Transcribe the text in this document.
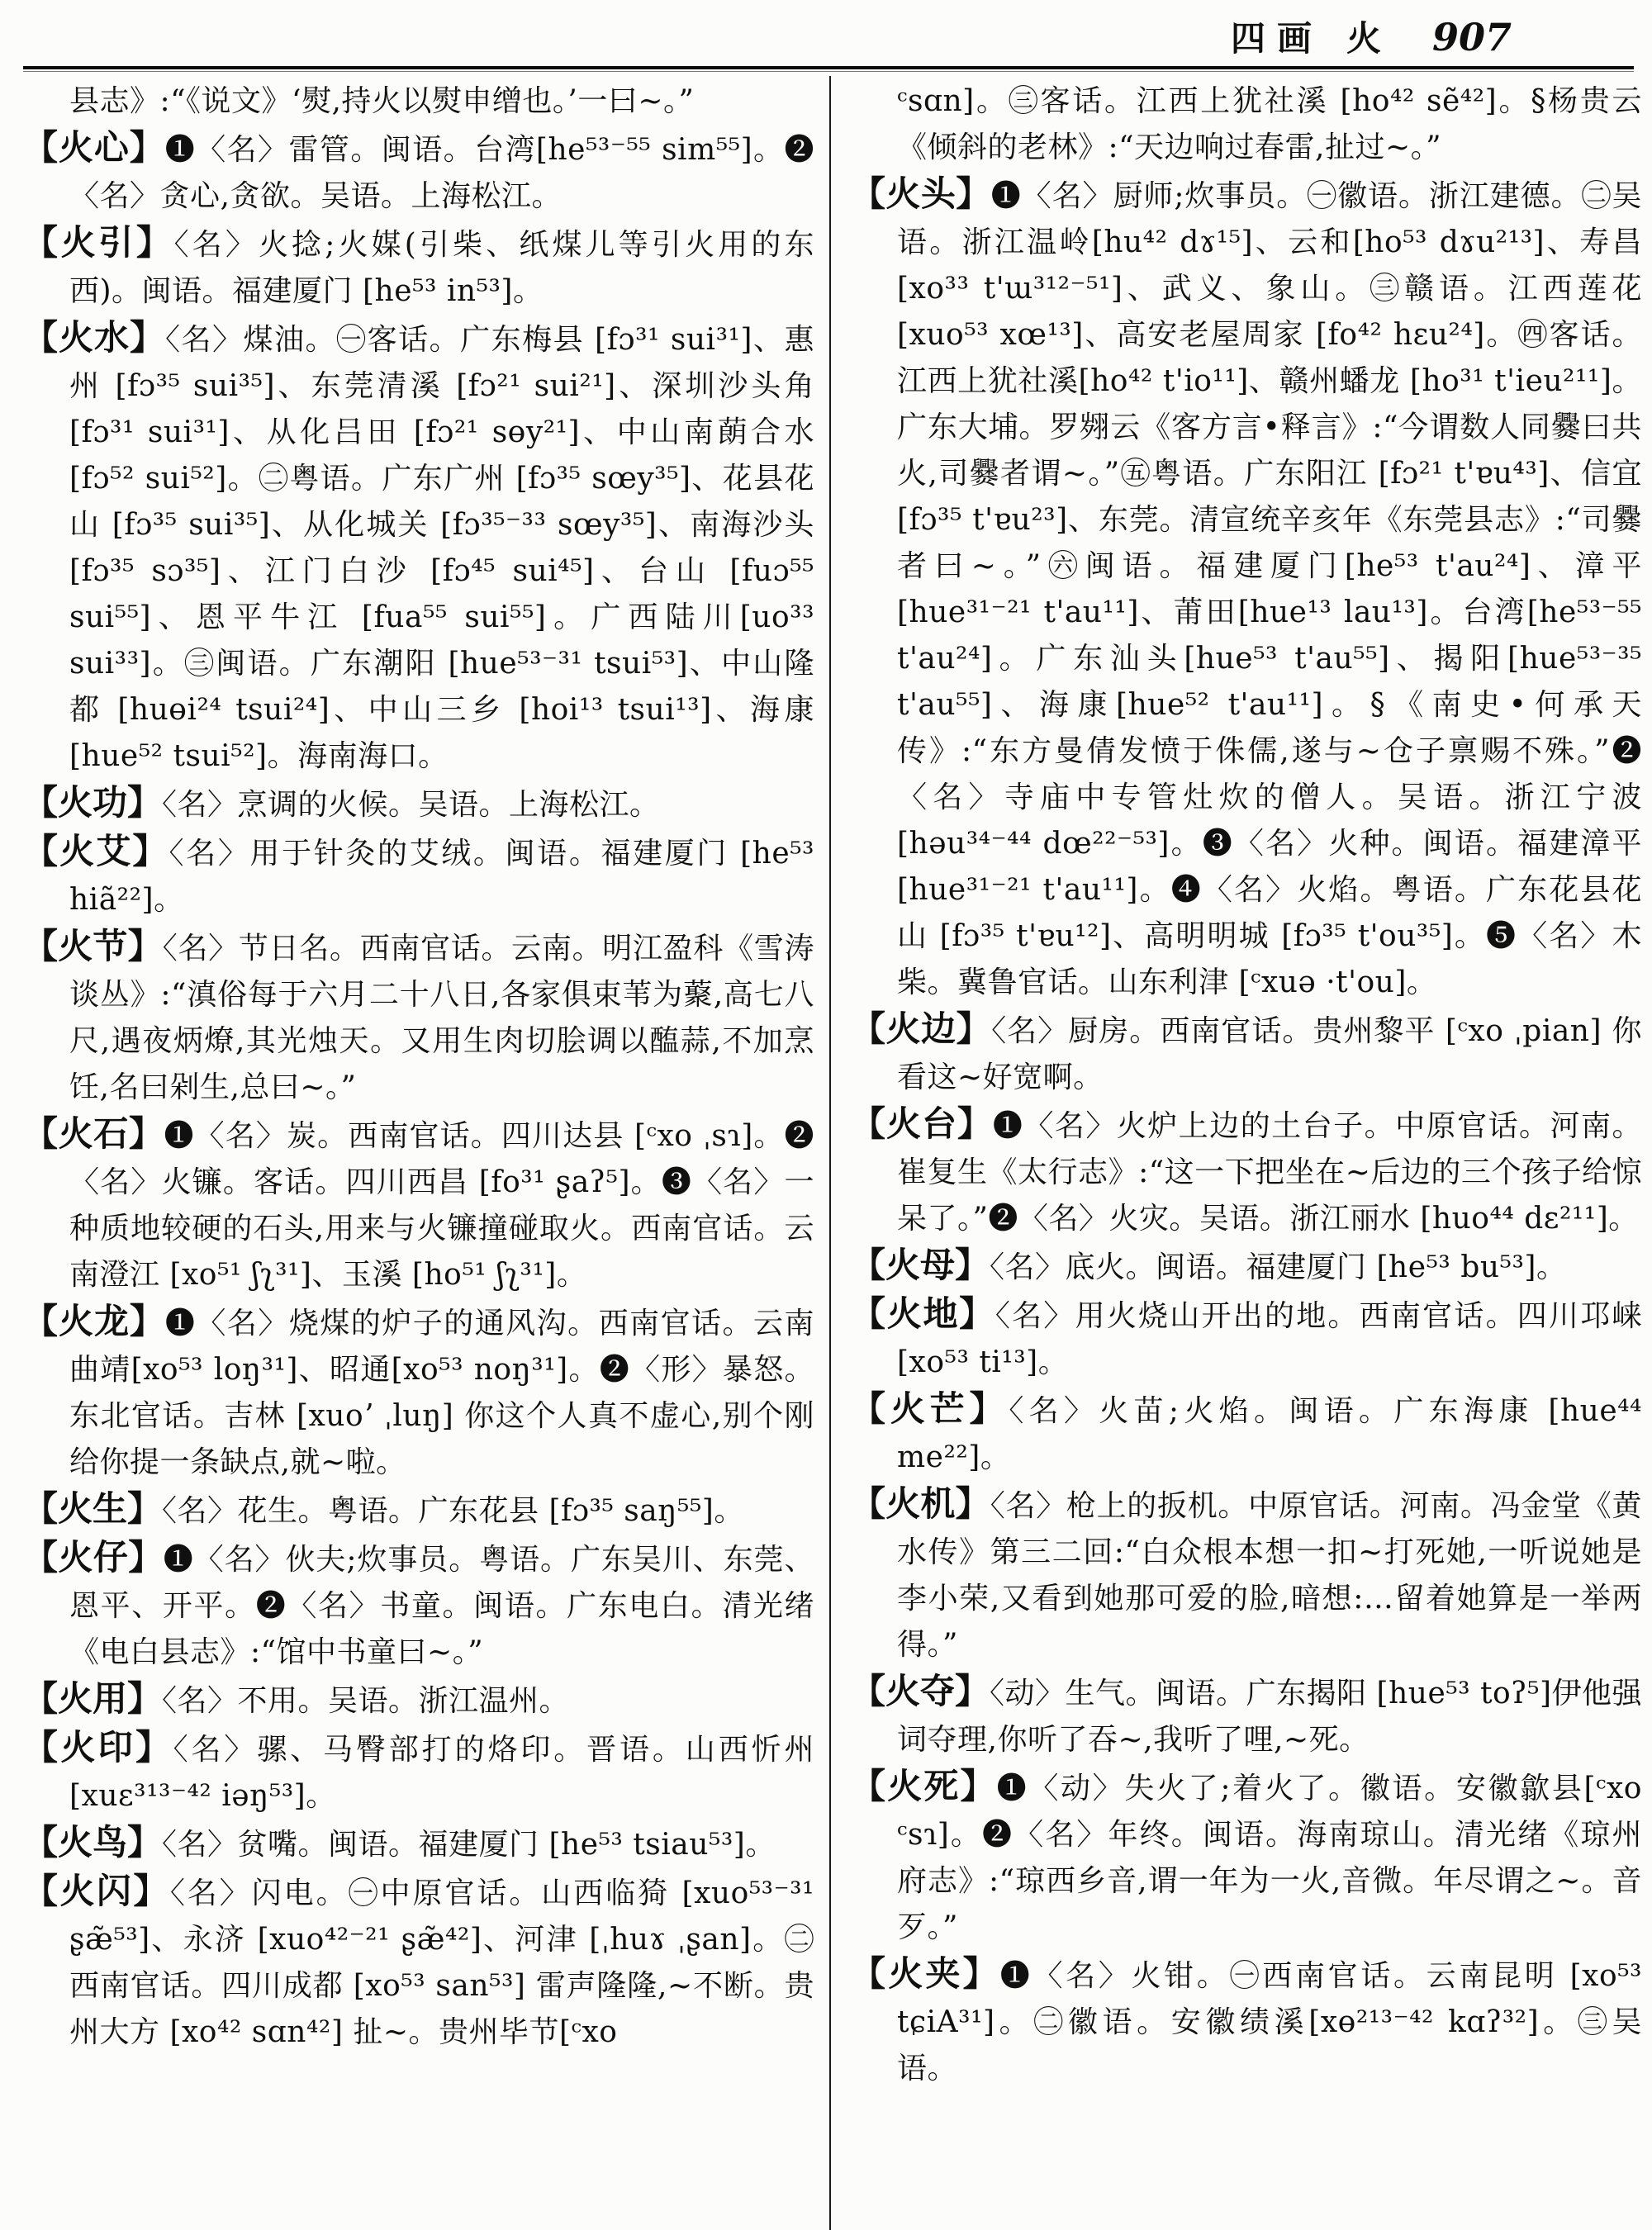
四画 火 907

县志》:“《说文》‘熨,持火以熨申缯也。’一曰~。”

【火心】❶〈名〉雷管。闽语。台湾[he⁵³⁻⁵⁵ sim⁵⁵]。❷〈名〉贪心,贪欲。吴语。上海松江。

【火引】〈名〉火捻;火媒(引柴、纸煤儿等引火用的东西)。闽语。福建厦门 [he⁵³ in⁵³]。

【火水】〈名〉煤油。㊀客话。广东梅县 [fɔ³¹ sui³¹]、惠州 [fɔ³⁵ sui³⁵]、东莞清溪 [fɔ²¹ sui²¹]、深圳沙头角 [fɔ³¹ sui³¹]、从化吕田 [fɔ²¹ sɵy²¹]、中山南蓢合水 [fɔ⁵² sui⁵²]。㊁粤语。广东广州 [fɔ³⁵ sœy³⁵]、花县花山 [fɔ³⁵ sui³⁵]、从化城关 [fɔ³⁵⁻³³ sœy³⁵]、南海沙头 [fɔ³⁵ sɔ³⁵]、江门白沙 [fɔ⁴⁵ sui⁴⁵]、台山 [fuɔ⁵⁵ sui⁵⁵]、恩平牛江 [fua⁵⁵ sui⁵⁵]。广西陆川[uo³³ sui³³]。㊂闽语。广东潮阳 [hue⁵³⁻³¹ tsui⁵³]、中山隆都 [huɵi²⁴ tsui²⁴]、中山三乡 [hoi¹³ tsui¹³]、海康 [hue⁵² tsui⁵²]。海南海口。

【火功】〈名〉烹调的火候。吴语。上海松江。

【火艾】〈名〉用于针灸的艾绒。闽语。福建厦门 [he⁵³ hiã²²]。

【火节】〈名〉节日名。西南官话。云南。明江盈科《雪涛谈丛》:“滇俗每于六月二十八日,各家俱束苇为藂,高七八尺,遇夜炳燎,其光烛天。又用生肉切脍调以醢蒜,不加烹饪,名曰剁生,总曰~。”

【火石】❶〈名〉炭。西南官话。四川达县 [ᶜxo ˌsɿ]。❷〈名〉火镰。客话。四川西昌 [fo³¹ ʂaʔ⁵]。❸〈名〉一种质地较硬的石头,用来与火镰撞碰取火。西南官话。云南澄江 [xo⁵¹ ʃʅ³¹]、玉溪 [ho⁵¹ ʃʅ³¹]。

【火龙】❶〈名〉烧煤的炉子的通风沟。西南官话。云南曲靖[xo⁵³ loŋ³¹]、昭通[xo⁵³ noŋ³¹]。❷〈形〉暴怒。东北官话。吉林 [xuoʼ ˌluŋ] 你这个人真不虚心,别个刚给你提一条缺点,就~啦。

【火生】〈名〉花生。粤语。广东花县 [fɔ³⁵ saŋ⁵⁵]。

【火仔】❶〈名〉伙夫;炊事员。粤语。广东吴川、东莞、恩平、开平。❷〈名〉书童。闽语。广东电白。清光绪《电白县志》:“馆中书童曰~。”

【火用】〈名〉不用。吴语。浙江温州。

【火印】〈名〉骡、马臀部打的烙印。晋语。山西忻州 [xuɛ³¹³⁻⁴² iəŋ⁵³]。

【火鸟】〈名〉贫嘴。闽语。福建厦门 [he⁵³ tsiau⁵³]。

【火闪】〈名〉闪电。㊀中原官话。山西临猗 [xuo⁵³⁻³¹ ʂæ̃⁵³]、永济 [xuo⁴²⁻²¹ ʂæ̃⁴²]、河津 [ˌhuɤ ˌʂan]。㊁西南官话。四川成都 [xo⁵³ san⁵³] 雷声隆隆,~不断。贵州大方 [xo⁴² sɑn⁴²] 扯~。贵州毕节[ᶜxo

ᶜsɑn]。㊂客话。江西上犹社溪 [ho⁴² sẽ⁴²]。§杨贵云《倾斜的老林》:“天边响过春雷,扯过~。”

【火头】❶〈名〉厨师;炊事员。㊀徽语。浙江建德。㊁吴语。浙江温岭[hu⁴² dɤ¹⁵]、云和[ho⁵³ dɤu²¹³]、寿昌[xo³³ t'ɯ³¹²⁻⁵¹]、武义、象山。㊂赣语。江西莲花[xuo⁵³ xœ¹³]、高安老屋周家 [fo⁴² hɛu²⁴]。㊃客话。江西上犹社溪[ho⁴² t'io¹¹]、赣州蟠龙 [ho³¹ t'ieu²¹¹]。广东大埔。罗翙云《客方言•释言》:“今谓数人同爨曰共火,司爨者谓~。”㊄粤语。广东阳江 [fɔ²¹ t'ɐu⁴³]、信宜[fɔ³⁵ t'ɐu²³]、东莞。清宣统辛亥年《东莞县志》:“司爨者曰~。”㊅闽语。福建厦门[he⁵³ t'au²⁴]、漳平[hue³¹⁻²¹ t'au¹¹]、莆田[hue¹³ lau¹³]。台湾[he⁵³⁻⁵⁵ t'au²⁴]。广东汕头[hue⁵³ t'au⁵⁵]、揭阳[hue⁵³⁻³⁵ t'au⁵⁵]、海康[hue⁵² t'au¹¹]。§《南史•何承天传》:“东方曼倩发愤于侏儒,遂与~仓子禀赐不殊。”❷〈名〉寺庙中专管灶炊的僧人。吴语。浙江宁波 [həu³⁴⁻⁴⁴ dœ²²⁻⁵³]。❸〈名〉火种。闽语。福建漳平 [hue³¹⁻²¹ t'au¹¹]。❹〈名〉火焰。粤语。广东花县花山 [fɔ³⁵ t'ɐu¹²]、高明明城 [fɔ³⁵ t'ou³⁵]。❺〈名〉木柴。冀鲁官话。山东利津 [ᶜxuə ·t'ou]。

【火边】〈名〉厨房。西南官话。贵州黎平 [ᶜxo ˌpian] 你看这~好宽啊。

【火台】❶〈名〉火炉上边的土台子。中原官话。河南。崔复生《太行志》:“这一下把坐在~后边的三个孩子给惊呆了。”❷〈名〉火灾。吴语。浙江丽水 [huo⁴⁴ dɛ²¹¹]。

【火母】〈名〉底火。闽语。福建厦门 [he⁵³ bu⁵³]。

【火地】〈名〉用火烧山开出的地。西南官话。四川邛崃 [xo⁵³ ti¹³]。

【火芒】〈名〉火苗;火焰。闽语。广东海康 [hue⁴⁴ me²²]。

【火机】〈名〉枪上的扳机。中原官话。河南。冯金堂《黄水传》第三二回:“白众根本想一扣~打死她,一听说她是李小荣,又看到她那可爱的脸,暗想:…留着她算是一举两得。”

【火夺】〈动〉生气。闽语。广东揭阳 [hue⁵³ toʔ⁵]伊他强词夺理,你听了吞~,我听了哩,~死。

【火死】❶〈动〉失火了;着火了。徽语。安徽歙县[ᶜxo ᶜsɿ]。❷〈名〉年终。闽语。海南琼山。清光绪《琼州府志》:“琼西乡音,谓一年为一火,音微。年尽谓之~。音歹。”

【火夹】❶〈名〉火钳。㊀西南官话。云南昆明 [xo⁵³ tɕiA³¹]。㊁徽语。安徽绩溪[xɵ²¹³⁻⁴² kɑʔ³²]。㊂吴语。
